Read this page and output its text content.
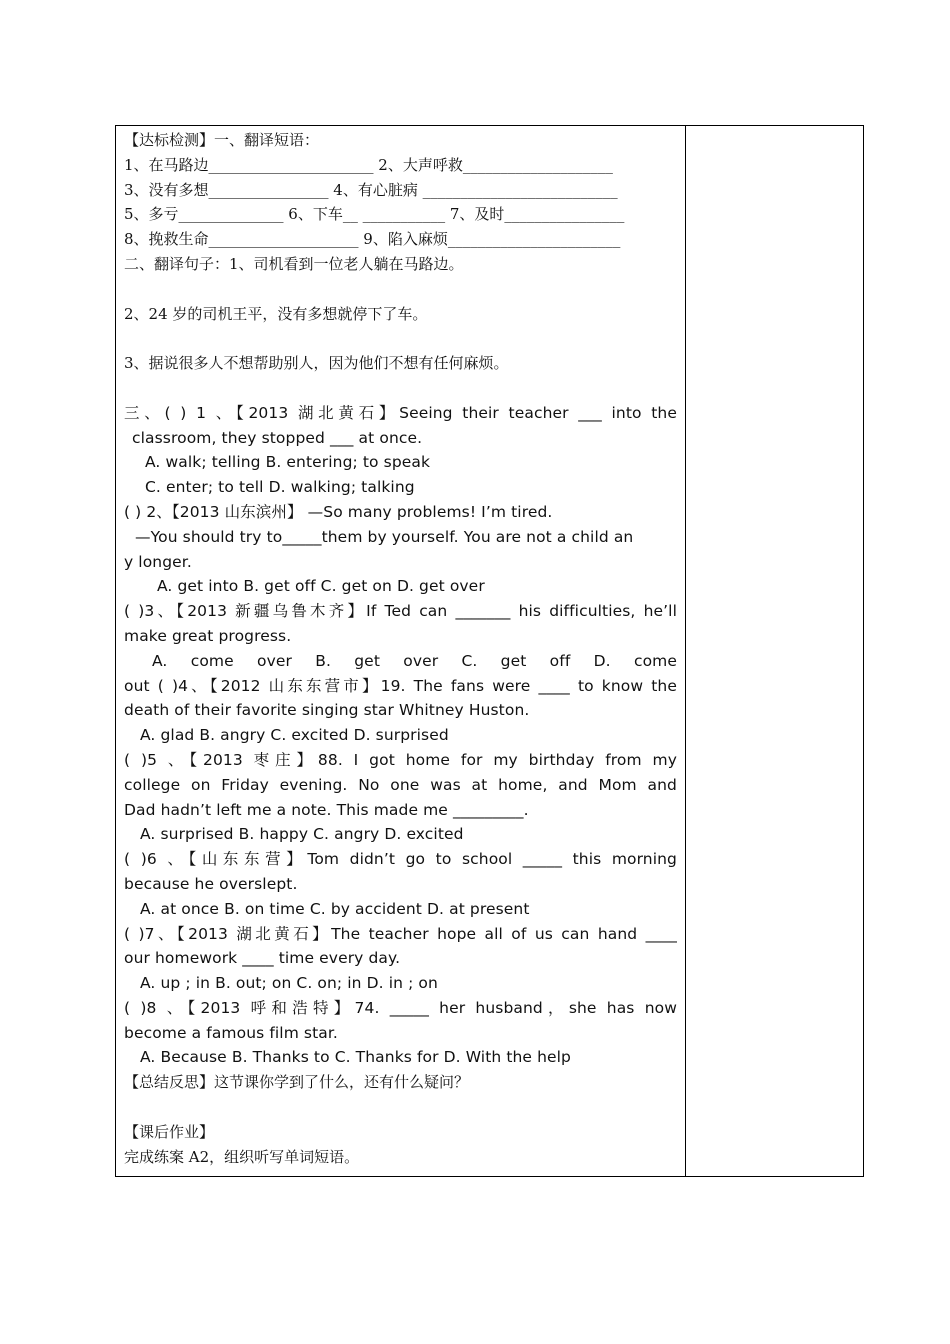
【达标检测】一、翻译短语：
1、在马路边______________________ 2、大声呼救____________________
3、没有多想________________ 4、有心脏病 __________________________
5、多亏______________ 6、下车__ ___________ 7、及时________________
8、挽救生命____________________ 9、陷入麻烦_______________________
二、翻译句子：1、司机看到一位老人躺在马路边。
2、24 岁的司机王平，没有多想就停下了车。
3、据说很多人不想帮助别人，因为他们不想有任何麻烦。
三、( ) 1 、【2013 湖北黄石】Seeing their teacher ___ into the
classroom, they stopped ___ at once.
A. walk; telling B. entering; to speak
C. enter; to tell D. walking; talking
( ) 2、【2013 山东滨州】 —So many problems! I’m tired.
—You should try to_____them by yourself. You are not a child an
y longer.
A. get into B. get off C. get on D. get over
( )3、【2013 新疆乌鲁木齐】If Ted can _______ his difficulties, he’ll
make great progress.
A. come over B. get over C. get off D. come
out ( )4、【2012 山东东营市】19. The fans were ____ to know the
death of their favorite singing star Whitney Huston.
A. glad B. angry C. excited D. surprised
( )5 、【2013 枣庄】88. I got home for my birthday from my
college on Friday evening. No one was at home, and Mom and
Dad hadn’t left me a note. This made me _________.
A. surprised B. happy C. angry D. excited
( )6 、【山东东营】Tom didn’t go to school _____ this morning
because he overslept.
A. at once B. on time C. by accident D. at present
( )7、【2013 湖北黄石】The teacher hope all of us can hand ____
our homework ____ time every day.
A. up ; in B. out; on C. on; in D. in ; on
( )8 、【2013 呼和浩特】74. _____ her husband，she has now
become a famous film star.
A. Because B. Thanks to C. Thanks for D. With the help
【总结反思】这节课你学到了什么，还有什么疑问？
【课后作业】
完成练案 A2，组织听写单词短语。
